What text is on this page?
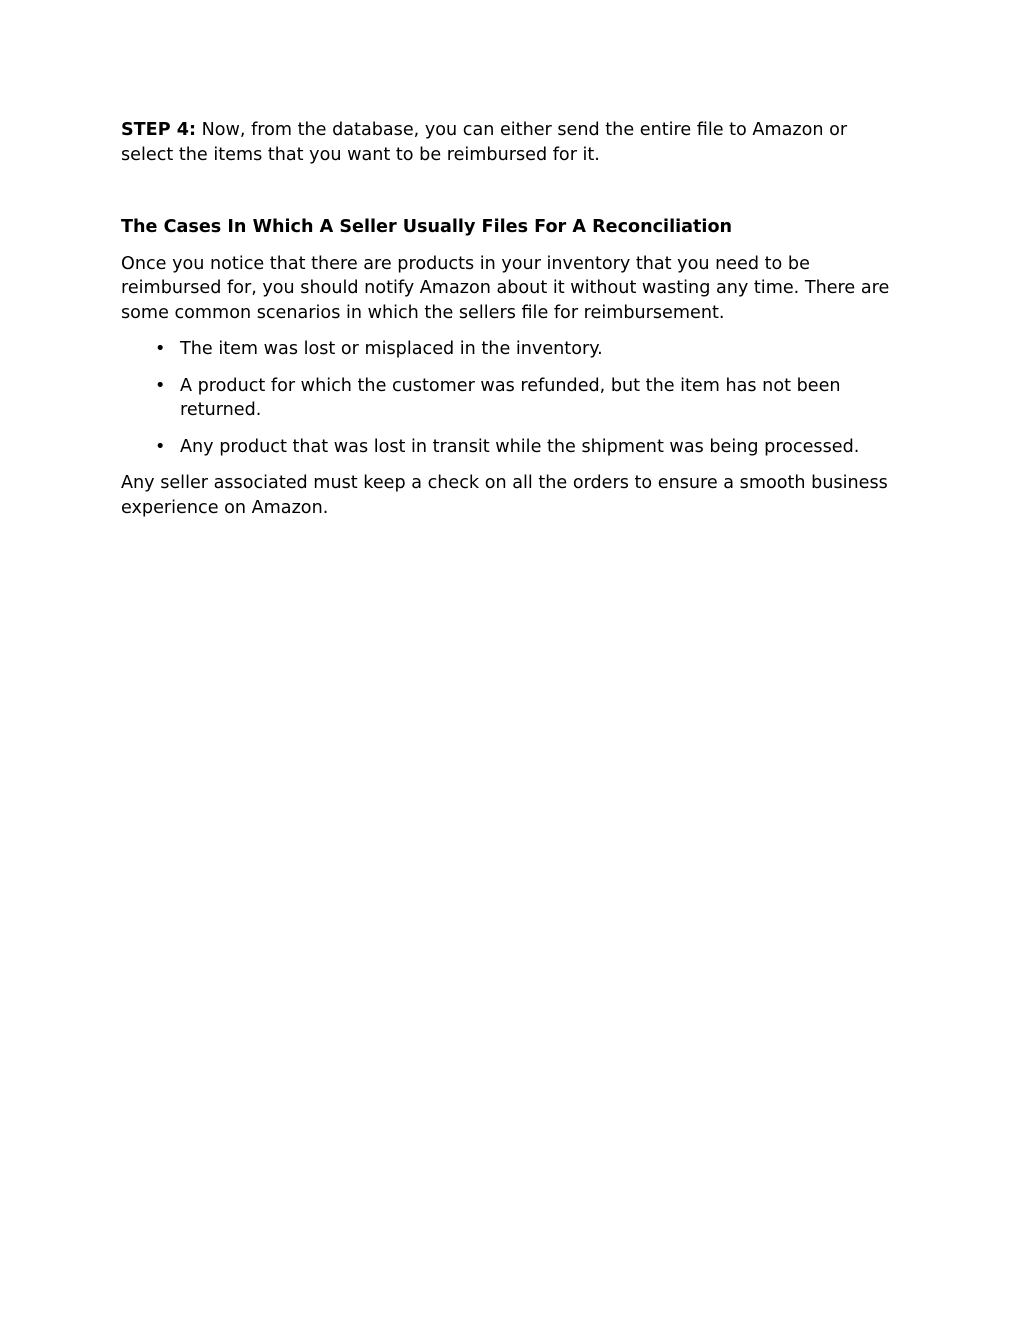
STEP 4: Now, from the database, you can either send the entire file to Amazon or select the items that you want to be reimbursed for it.

The Cases In Which A Seller Usually Files For A Reconciliation

Once you notice that there are products in your inventory that you need to be reimbursed for, you should notify Amazon about it without wasting any time. There are some common scenarios in which the sellers file for reimbursement.

• The item was lost or misplaced in the inventory.
• A product for which the customer was refunded, but the item has not been returned.
• Any product that was lost in transit while the shipment was being processed.

Any seller associated must keep a check on all the orders to ensure a smooth business experience on Amazon.
